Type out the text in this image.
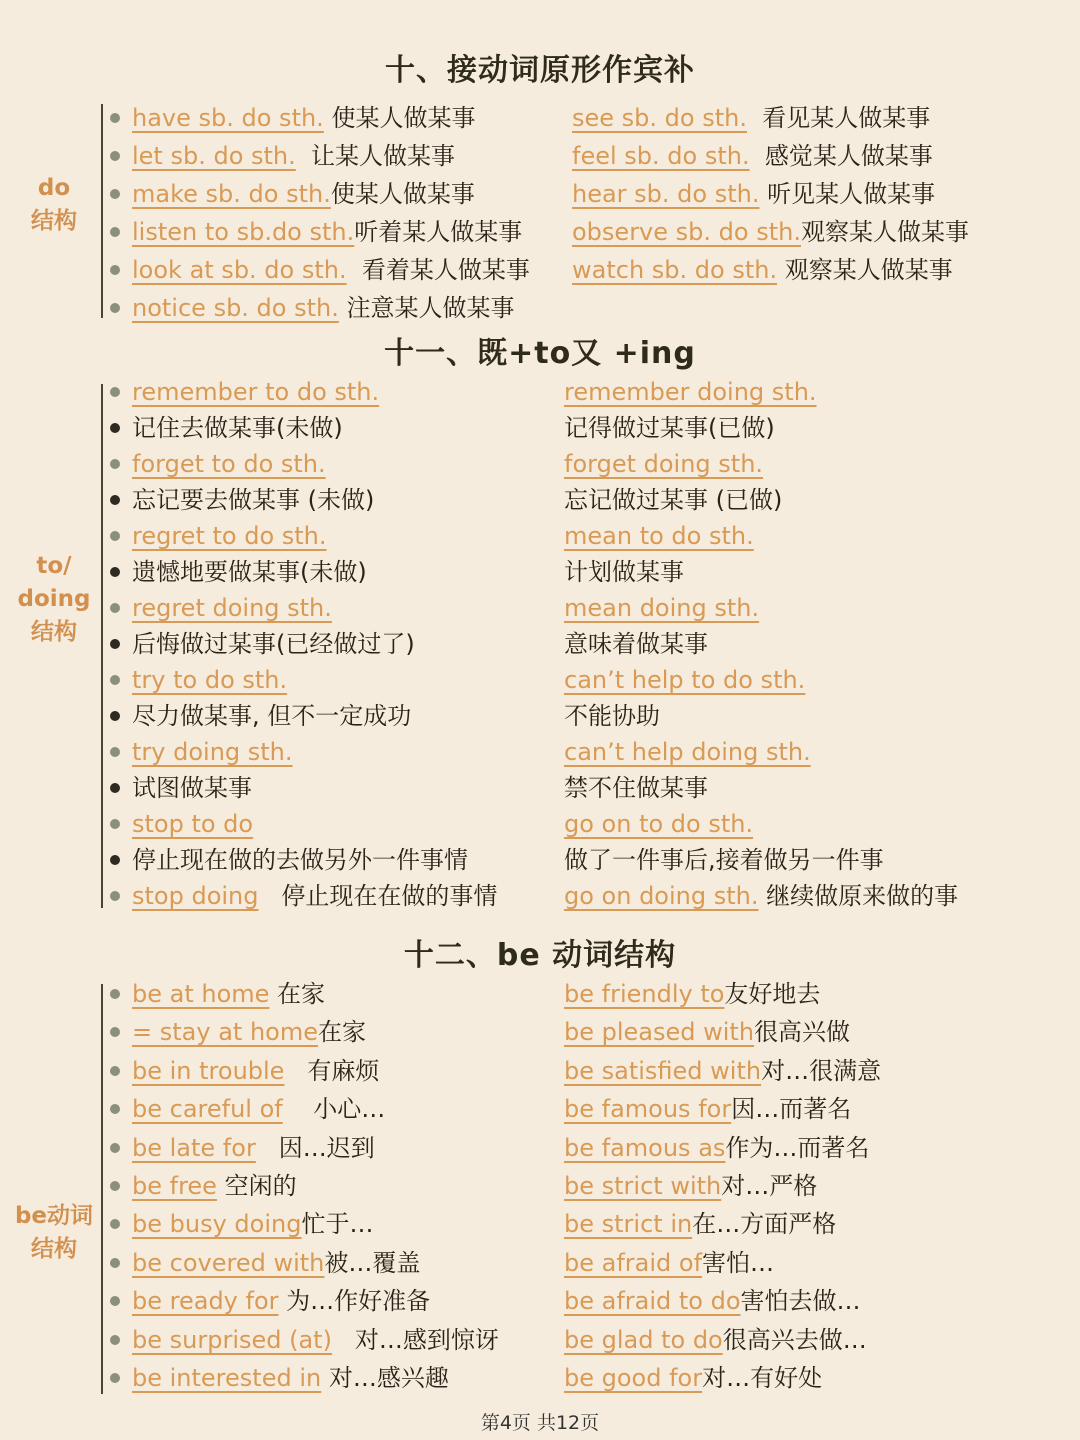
十、接动词原形作宾补
do
结构
have sb. do sth. 使某人做某事	see sb. do sth.  看见某人做某事
let sb. do sth.  让某人做某事	feel sb. do sth.  感觉某人做某事
make sb. do sth.使某人做某事	hear sb. do sth. 听见某人做某事
listen to sb.do sth.听着某人做某事 observe sb. do sth.观察某人做某事
look at sb. do sth.  看着某人做某事 watch sb. do sth. 观察某人做某事
notice sb. do sth. 注意某人做某事
十一、既+to又 +ing
to/
doing
结构
remember to do sth.	remember doing sth.
记住去做某事(未做)	记得做过某事(已做)
forget to do sth.	forget doing sth.
忘记要去做某事 (未做)	忘记做过某事 (已做)
regret to do sth.	mean to do sth.
遗憾地要做某事(未做)	计划做某事
regret doing sth.	mean doing sth.
后悔做过某事(已经做过了)	意味着做某事
try to do sth.	can’t help to do sth.
尽力做某事, 但不一定成功	不能协助
try doing sth.	can’t help doing sth.
试图做某事	禁不住做某事
stop to do	go on to do sth.
停止现在做的去做另外一件事情	做了一件事后,接着做另一件事
stop doing   停止现在在做的事情	go on doing sth. 继续做原来做的事
十二、be 动词结构
be动词
结构
be at home 在家	be friendly to友好地去
= stay at home在家	be pleased with很高兴做
be in trouble   有麻烦	be satisfied with对…很满意
be careful of    小心…	be famous for因…而著名
be late for   因…迟到	be famous as作为…而著名
be free 空闲的	be strict with对…严格
be busy doing忙于…	be strict in在…方面严格
be covered with被…覆盖	be afraid of害怕…
be ready for 为…作好准备	be afraid to do害怕去做…
be surprised (at)   对…感到惊讶	be glad to do很高兴去做…
be interested in 对…感兴趣	be good for对…有好处
第4页 共12页
